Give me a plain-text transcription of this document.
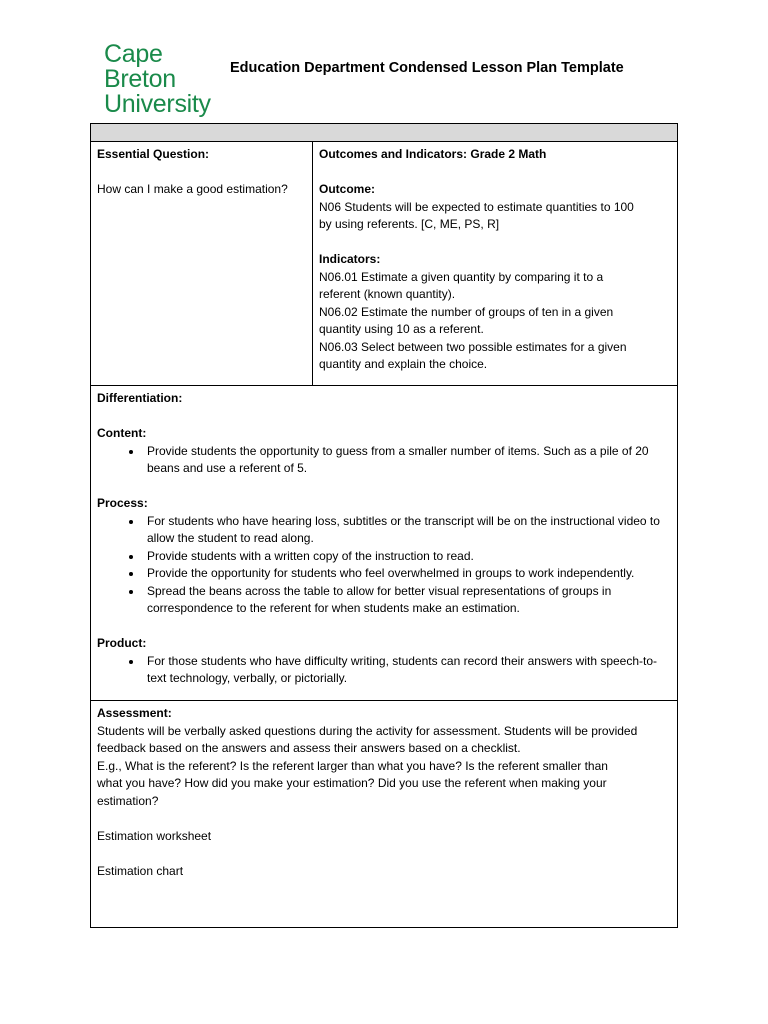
Cape
Breton
University
Education Department Condensed Lesson Plan Template
Essential Question:
How can I make a good estimation?
Outcomes and Indicators: Grade 2 Math
Outcome:
N06 Students will be expected to estimate quantities to 100
by using referents. [C, ME, PS, R]
Indicators:
N06.01 Estimate a given quantity by comparing it to a
referent (known quantity).
N06.02 Estimate the number of groups of ten in a given
quantity using 10 as a referent.
N06.03 Select between two possible estimates for a given
quantity and explain the choice.
Differentiation:
Content:
• Provide students the opportunity to guess from a smaller number of items. Such as a pile of 20 beans and use a referent of 5.
Process:
• For students who have hearing loss, subtitles or the transcript will be on the instructional video to allow the student to read along.
• Provide students with a written copy of the instruction to read.
• Provide the opportunity for students who feel overwhelmed in groups to work independently.
• Spread the beans across the table to allow for better visual representations of groups in correspondence to the referent for when students make an estimation.
Product:
• For those students who have difficulty writing, students can record their answers with speech-to-text technology, verbally, or pictorially.
Assessment:
Students will be verbally asked questions during the activity for assessment. Students will be provided
feedback based on the answers and assess their answers based on a checklist.
E.g., What is the referent? Is the referent larger than what you have? Is the referent smaller than
what you have? How did you make your estimation? Did you use the referent when making your
estimation?
Estimation worksheet
Estimation chart
